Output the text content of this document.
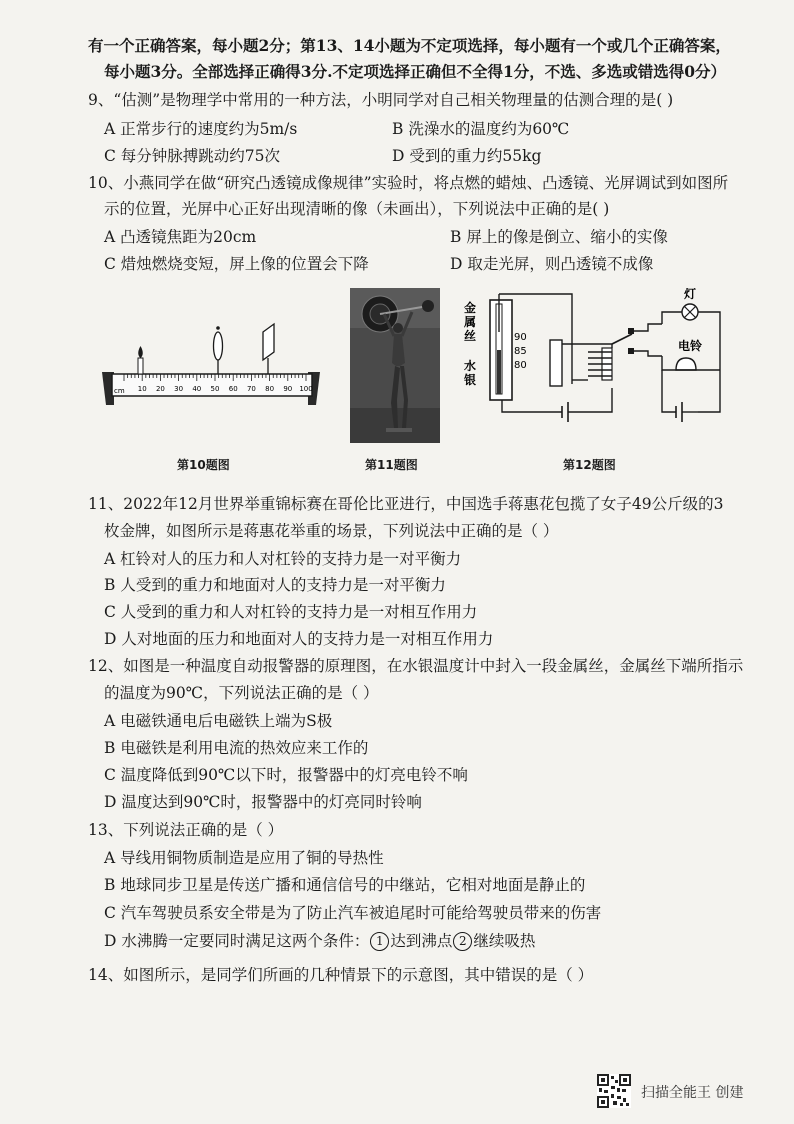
有一个正确答案，每小题2分；第13、14小题为不定项选择，每小题有一个或几个正确答案，
每小题3分。全部选择正确得3分.不定项选择正确但不全得1分，不选、多选或错选得0分）
9、“估测”是物理学中常用的一种方法，小明同学对自己相关物理量的估测合理的是( )
A 正常步行的速度约为5m/s	B 洗澡水的温度约为60℃
C 每分钟脉搏跳动约75次	D 受到的重力约55kg
10、小燕同学在做“研究凸透镜成像规律”实验时，将点燃的蜡烛、凸透镜、光屏调试到如图所
示的位置，光屏中心正好出现清晰的像（未画出），下列说法中正确的是( )
A 凸透镜焦距为20cm	B 屏上的像是倒立、缩小的实像
C 焟烛燃烧变短，屏上像的位置会下降	D 取走光屏，则凸透镜不成像
10 20 30 40 50 60 70 80 90 100
cm
第10题图	第11题图
金
属
丝
水
银
90
85
80
灯
电铃
第12题图
11、2022年12月世界举重锦标赛在哥伦比亚进行，中国选手蒋惠花包揽了女子49公斤级的3
枚金牌，如图所示是蒋惠花举重的场景，下列说法中正确的是（ ）
A 杠铃对人的压力和人对杠铃的支持力是一对平衡力
B 人受到的重力和地面对人的支持力是一对平衡力
C 人受到的重力和人对杠铃的支持力是一对相互作用力
D 人对地面的压力和地面对人的支持力是一对相互作用力
12、如图是一种温度自动报警器的原理图，在水银温度计中封入一段金属丝，金属丝下端所指示
的温度为90℃，下列说法正确的是（ ）
A 电磁铁通电后电磁铁上端为S极
B 电磁铁是利用电流的热效应来工作的
C 温度降低到90℃以下时，报警器中的灯亮电铃不响
D 温度达到90℃时，报警器中的灯亮同时铃响
13、下列说法正确的是（ ）
A 导线用铜物质制造是应用了铜的导热性
B 地球同步卫星是传送广播和通信信号的中继站，它相对地面是静止的
C 汽车驾驶员系安全带是为了防止汽车被追尾时可能给驾驶员带来的伤害
D 水沸腾一定要同时满足这两个条件： 1 达到沸点 2 继续吸热
14、如图所示，是同学们所画的几种情景下的示意图，其中错误的是（ ）
扫描全能王 创建
